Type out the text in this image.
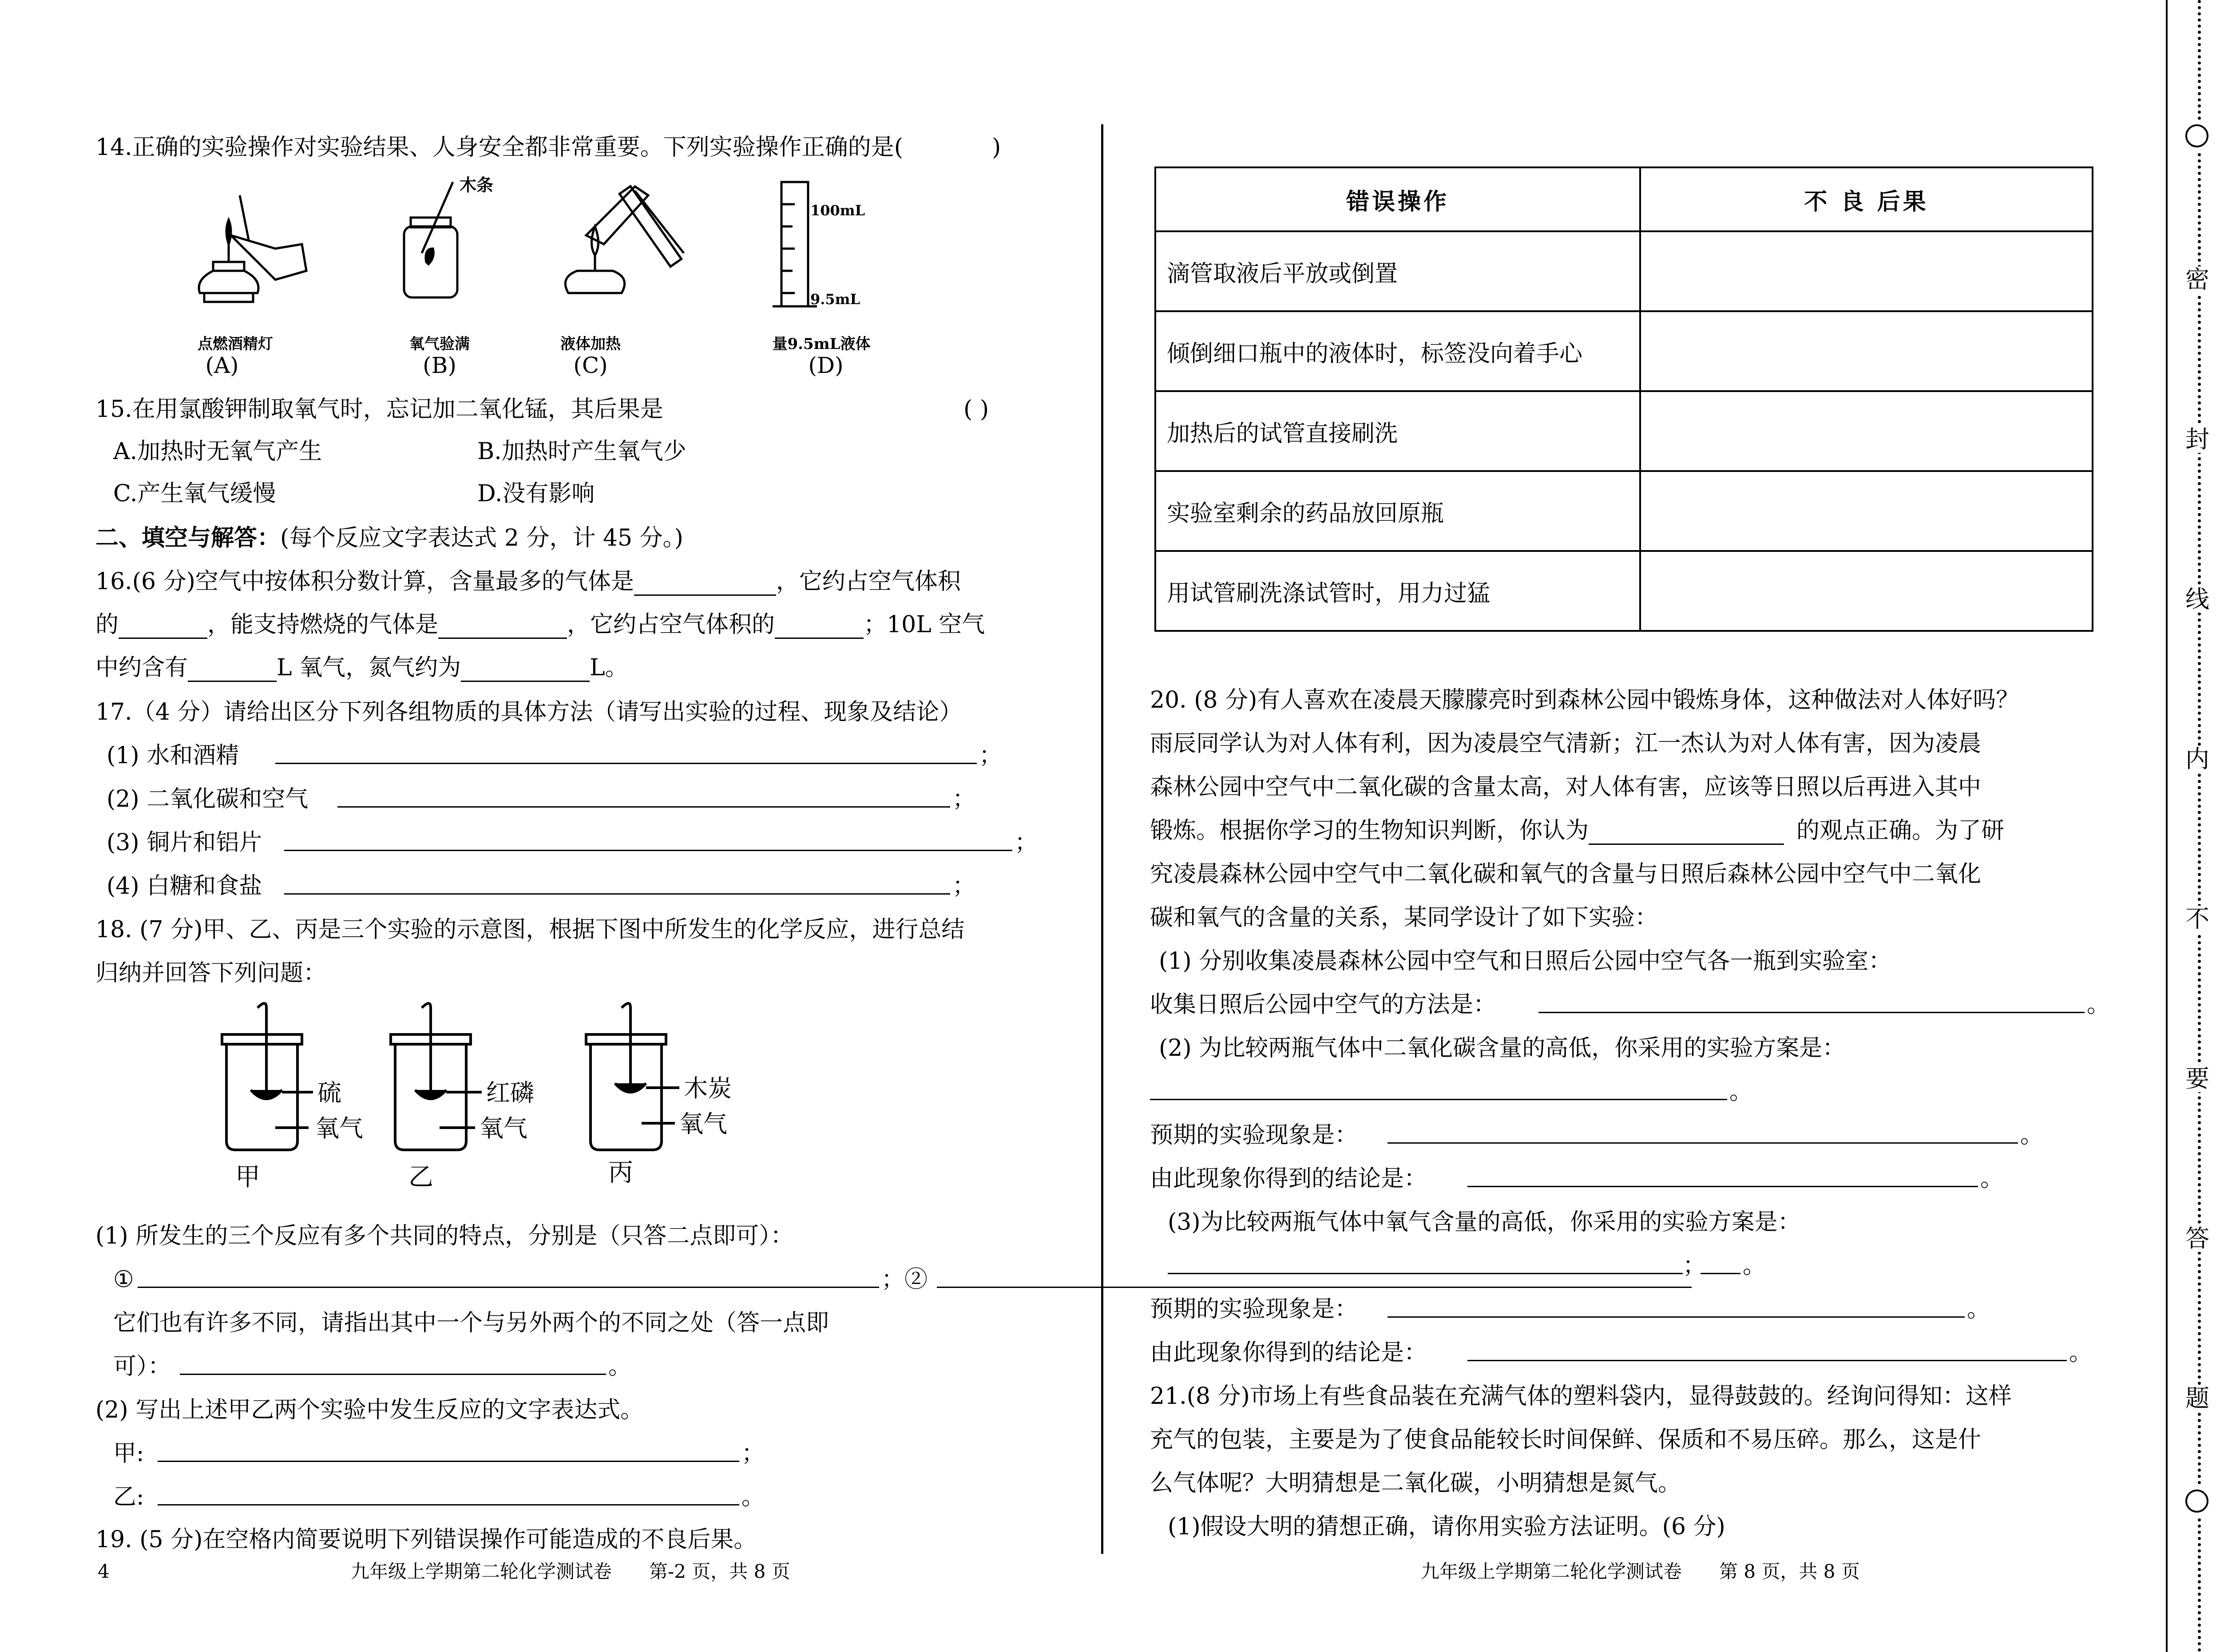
14.正确的实验操作对实验结果、人身安全都非常重要。下列实验操作正确的是(	)
木条
100mL
9.5mL
点燃酒精灯	氧气验满	液体加热	量9.5mL液体
(A)	(B)	(C)	(D)
15.在用氯酸钾制取氧气时，忘记加二氧化锰，其后果是	( )
A.加热时无氧气产生	B.加热时产生氧气少
C.产生氧气缓慢	D.没有影响
二、填空与解答：(每个反应文字表达式 2 分，计 45 分。)
16.(6 分)空气中按体积分数计算，含量最多的气体是	，它约占空气体积
的	，能支持燃烧的气体是	，它约占空气体积的	；10L 空气
中约含有	L 氧气，氮气约为	L。
17.（4 分）请给出区分下列各组物质的具体方法（请写出实验的过程、现象及结论）
(1) 水和酒精	；
(2) 二氧化碳和空气	；
(3) 铜片和铝片	；
(4) 白糖和食盐	；
18. (7 分)甲、乙、丙是三个实验的示意图，根据下图中所发生的化学反应，进行总结
归纳并回答下列问题：
硫
氧气
红磷
氧气
木炭
氧气
甲	乙	丙
(1) 所发生的三个反应有多个共同的特点，分别是（只答二点即可）：
①	；②
它们也有许多不同，请指出其中一个与另外两个的不同之处（答一点即
可）：	。
(2) 写出上述甲乙两个实验中发生反应的文字表达式。
甲:	；
乙:	。
19. (5 分)在空格内简要说明下列错误操作可能造成的不良后果。
错误操作	不 良 后果
滴管取液后平放或倒置	
倾倒细口瓶中的液体时，标签没向着手心	
加热后的试管直接刷洗	
实验室剩余的药品放回原瓶	
用试管刷洗涤试管时，用力过猛	
20. (8 分)有人喜欢在凌晨天朦朦亮时到森林公园中锻炼身体，这种做法对人体好吗？
雨辰同学认为对人体有利，因为凌晨空气清新；江一杰认为对人体有害，因为凌晨
森林公园中空气中二氧化碳的含量太高，对人体有害，应该等日照以后再进入其中
锻炼。根据你学习的生物知识判断，你认为	的观点正确。为了研
究凌晨森林公园中空气中二氧化碳和氧气的含量与日照后森林公园中空气中二氧化
碳和氧气的含量的关系，某同学设计了如下实验：
(1) 分别收集凌晨森林公园中空气和日照后公园中空气各一瓶到实验室：
收集日照后公园中空气的方法是：	。
(2) 为比较两瓶气体中二氧化碳含量的高低，你采用的实验方案是：
。
预期的实验现象是：	。
由此现象你得到的结论是：	。
(3)为比较两瓶气体中氧气含量的高低，你采用的实验方案是：
； 。
预期的实验现象是：	。
由此现象你得到的结论是：	。
21.(8 分)市场上有些食品装在充满气体的塑料袋内，显得鼓鼓的。经询问得知：这样
充气的包装，主要是为了使食品能较长时间保鲜、保质和不易压碎。那么，这是什
么气体呢？大明猜想是二氧化碳，小明猜想是氮气。
(1)假设大明的猜想正确，请你用实验方法证明。(6 分)
4	九年级上学期第二轮化学测试卷　　第-2 页，共 8 页	九年级上学期第二轮化学测试卷　　第 8 页，共 8 页
密
封
线
内
不
要
答
题
